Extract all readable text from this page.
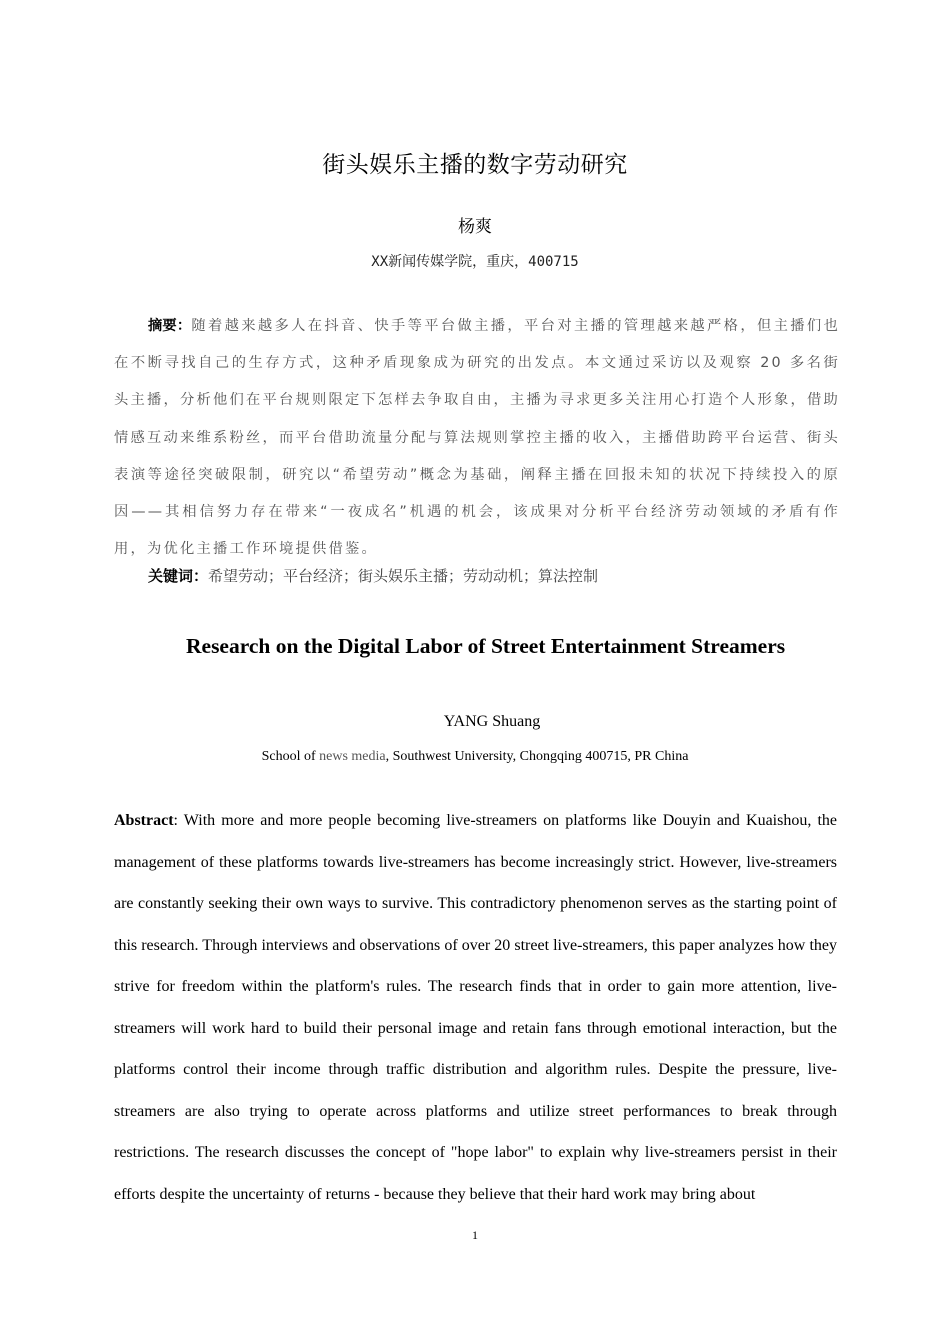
街头娱乐主播的数字劳动研究
杨爽
XX新闻传媒学院，重庆，400715

摘要：随着越来越多人在抖音、快手等平台做主播，平台对主播的管理越来越严格，但主播们也在不断寻找自己的生存方式，这种矛盾现象成为研究的出发点。本文通过采访以及观察 20 多名街头主播，分析他们在平台规则限定下怎样去争取自由，主播为寻求更多关注用心打造个人形象，借助情感互动来维系粉丝，而平台借助流量分配与算法规则掌控主播的收入，主播借助跨平台运营、街头表演等途径突破限制，研究以“希望劳动”概念为基础，阐释主播在回报未知的状况下持续投入的原因——其相信努力存在带来“一夜成名”机遇的机会，该成果对分析平台经济劳动领域的矛盾有作用，为优化主播工作环境提供借鉴。

关键词：希望劳动；平台经济；街头娱乐主播；劳动动机；算法控制

Research on the Digital Labor of Street Entertainment Streamers
YANG Shuang
School of news media, Southwest University, Chongqing 400715, PR China

Abstract: With more and more people becoming live-streamers on platforms like Douyin and Kuaishou, the management of these platforms towards live-streamers has become increasingly strict. However, live-streamers are constantly seeking their own ways to survive. This contradictory phenomenon serves as the starting point of this research. Through interviews and observations of over 20 street live-streamers, this paper analyzes how they strive for freedom within the platform's rules. The research finds that in order to gain more attention, live-streamers will work hard to build their personal image and retain fans through emotional interaction, but the platforms control their income through traffic distribution and algorithm rules. Despite the pressure, live-streamers are also trying to operate across platforms and utilize street performances to break through restrictions. The research discusses the concept of "hope labor" to explain why live-streamers persist in their efforts despite the uncertainty of returns - because they believe that their hard work may bring about

1
